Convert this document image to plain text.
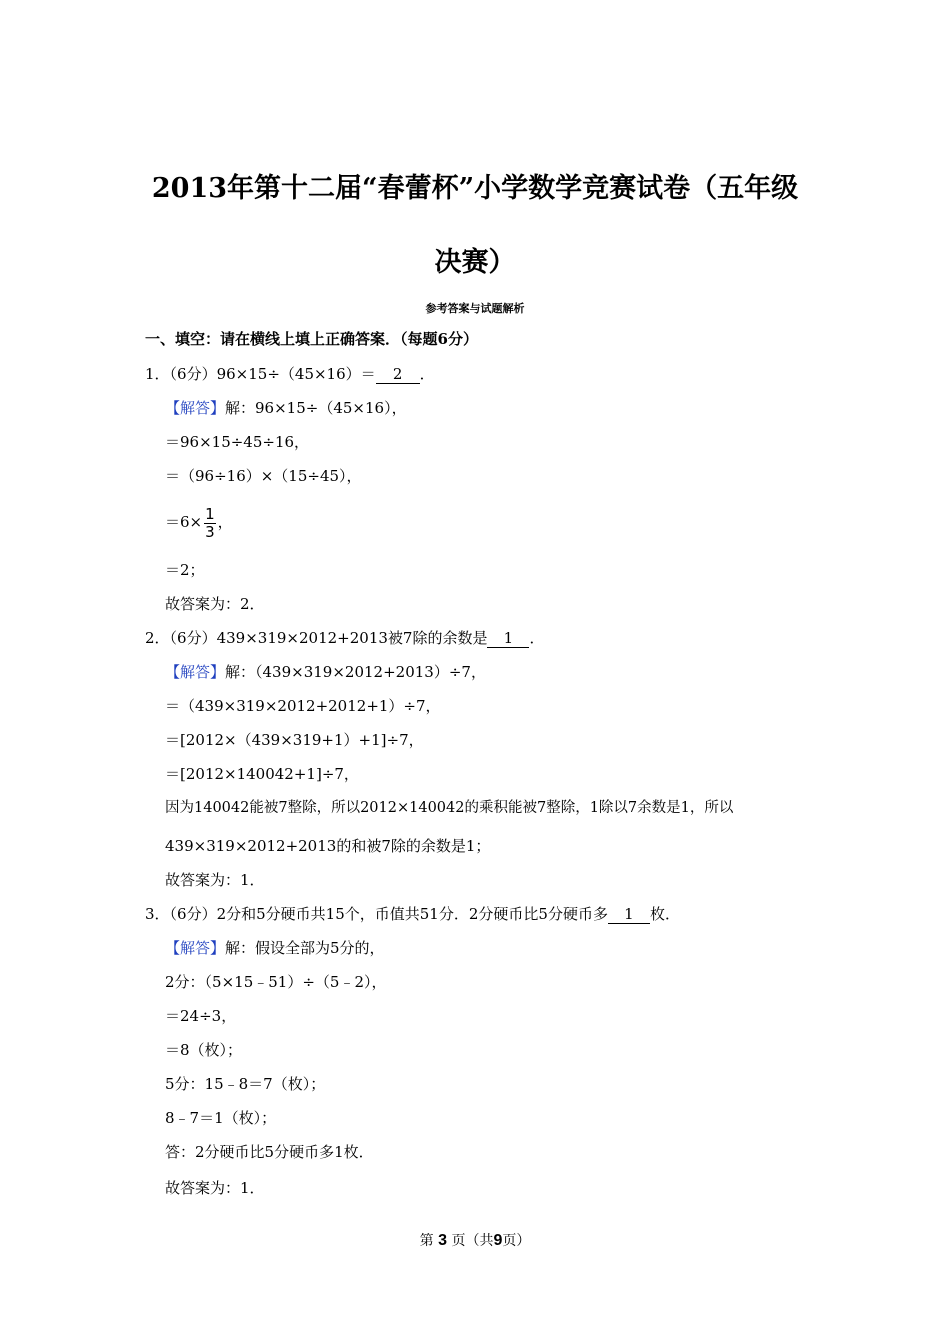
2013年第十二届“春蕾杯”小学数学竞赛试卷（五年级
决赛）
参考答案与试题解析
一、填空：请在横线上填上正确答案．（每题6分）
1．（6分）96×15÷（45×16）＝ 2 ．
【解答】解：96×15÷（45×16），
＝96×15÷45÷16，
＝（96÷16）×（15÷45），
$=6\times \frac{1}{3}$ ，
＝2；
故答案为：2．
2．（6分）439×319×2012+2013被7除的余数是 1 ．
【解答】解：（439×319×2012+2013）÷7，
＝（439×319×2012+2012+1）÷7，
＝[2012×（439×319+1）+1]÷7，
＝[2012×140042+1]÷7，
因为140042能被7整除，所以2012×140042的乘积能被7整除，1除以7余数是1，所以
439×319×2012+2013的和被7除的余数是1；
故答案为：1．
3．（6分）2分和5分硬币共15个，币值共51分．2分硬币比5分硬币多 1 枚．
【解答】解：假设全部为5分的，
2分：（5×15﹣51）÷（5﹣2），
＝24÷3，
＝8（枚）；
5分：15﹣8＝7（枚）；
8﹣7＝1（枚）；
答：2分硬币比5分硬币多1枚．
故答案为：1．
第 3 页（共9页）
